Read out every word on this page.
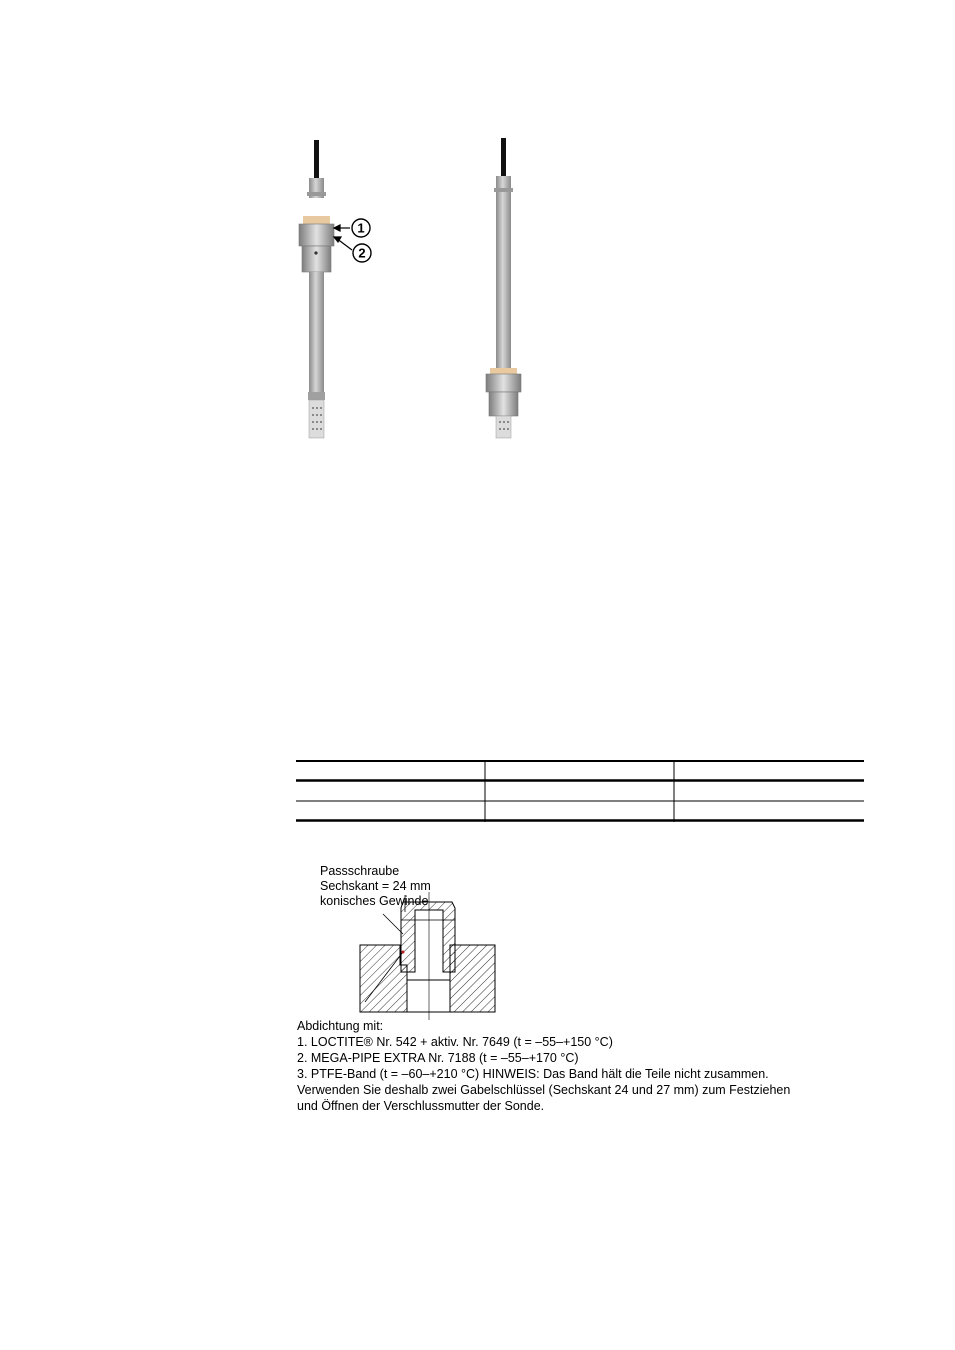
1
2
Passschraube
Sechskant = 24 mm
konisches Gewinde
Abdichtung mit:
1. LOCTITE® Nr. 542 + aktiv. Nr. 7649 (t = –55–+150 °C)
2. MEGA-PIPE EXTRA Nr. 7188 (t = –55–+170 °C)
3. PTFE-Band (t = –60–+210 °C) HINWEIS: Das Band hält die Teile nicht zusammen.
Verwenden Sie deshalb zwei Gabelschlüssel (Sechskant 24 und 27 mm) zum Festziehen
und Öffnen der Verschlussmutter der Sonde.
